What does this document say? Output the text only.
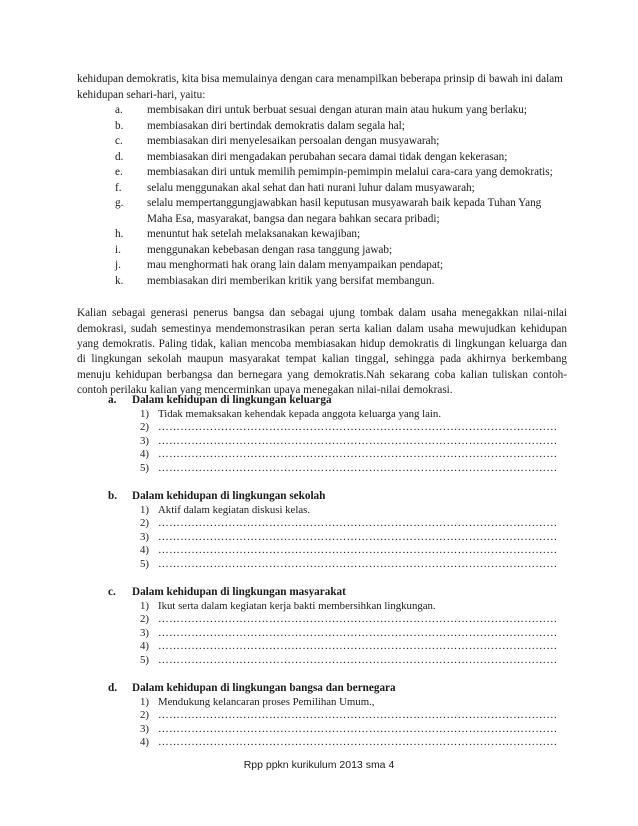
kehidupan demokratis, kita bisa memulainya dengan cara menampilkan beberapa prinsip di bawah ini dalam kehidupan sehari-hari, yaitu:

a.	membisakan diri untuk berbuat sesuai dengan aturan main atau hukum yang berlaku;
b.	membiasakan diri bertindak demokratis dalam segala hal;
c.	membiasakan diri menyelesaikan persoalan dengan musyawarah;
d.	membiasakan diri mengadakan perubahan secara damai tidak dengan kekerasan;
e.	membiasakan diri untuk memilih pemimpin-pemimpin melalui cara-cara yang demokratis;
f.	selalu menggunakan akal sehat dan hati nurani luhur dalam musyawarah;
g.	selalu mempertanggungjawabkan hasil keputusan musyawarah baik kepada Tuhan Yang Maha Esa, masyarakat, bangsa dan negara bahkan secara pribadi;
h.	menuntut hak setelah melaksanakan kewajiban;
i.	menggunakan kebebasan dengan rasa tanggung jawab;
j.	mau menghormati hak orang lain dalam menyampaikan pendapat;
k.	membiasakan diri memberikan kritik yang bersifat membangun.

Kalian sebagai generasi penerus bangsa dan sebagai ujung tombak dalam usaha menegakkan nilai-nilai demokrasi, sudah semestinya mendemonstrasikan peran serta kalian dalam usaha mewujudkan kehidupan yang demokratis. Paling tidak, kalian mencoba membiasakan hidup demokratis di lingkungan keluarga dan di lingkungan sekolah maupun masyarakat tempat kalian tinggal, sehingga pada akhirnya berkembang menuju kehidupan berbangsa dan bernegara yang demokratis.Nah sekarang coba kalian tuliskan contoh-contoh perilaku kalian yang mencerminkan upaya menegakan nilai-nilai demokrasi.

a.	Dalam kehidupan di lingkungan keluarga
1) Tidak memaksakan kehendak kepada anggota keluarga yang lain.
2) ………………………………………………………………………………………………
3) ………………………………………………………………………………………………
4) ………………………………………………………………………………………………
5) ………………………………………………………………………………………………
b.	Dalam kehidupan di lingkungan sekolah
1) Aktif dalam kegiatan diskusi kelas.
2) ………………………………………………………………………………………………
3) ………………………………………………………………………………………………
4) ………………………………………………………………………………………………
5) ………………………………………………………………………………………………
c.	Dalam kehidupan di lingkungan masyarakat
1) Ikut serta dalam kegiatan kerja bakti membersihkan lingkungan.
2) ………………………………………………………………………………………………
3) ………………………………………………………………………………………………
4) ………………………………………………………………………………………………
5) ………………………………………………………………………………………………
d.	Dalam kehidupan di lingkungan bangsa dan bernegara
1) Mendukung kelancaran proses Pemilihan Umum.,
2) ………………………………………………………………………………………………
3) ………………………………………………………………………………………………
4) ………………………………………………………………………………………………
Rpp ppkn kurikulum 2013 sma 4
